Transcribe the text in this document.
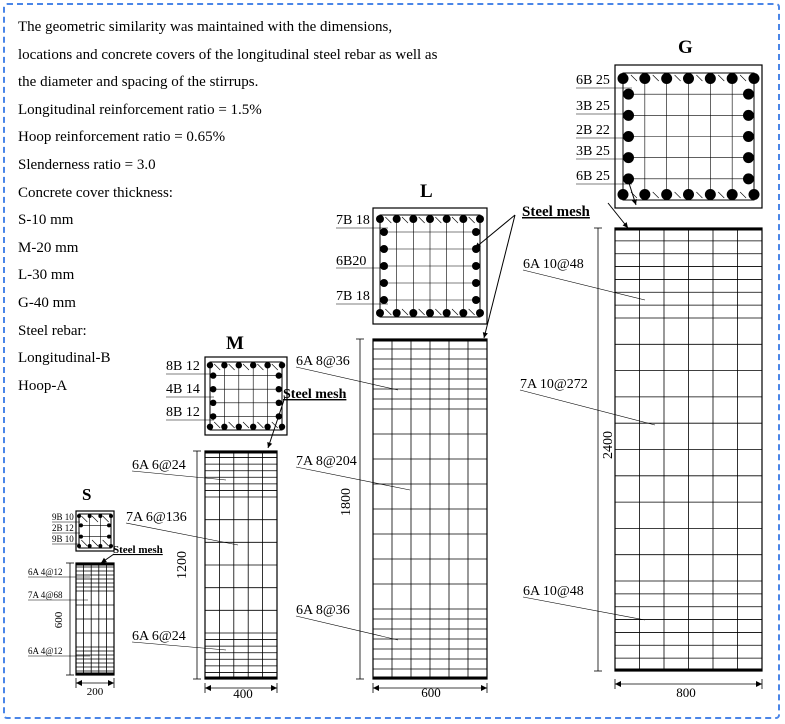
The geometric similarity was maintained with the dimensions,
locations and concrete covers of the longitudinal steel rebar as well as
the diameter and spacing of the stirrups.
Longitudinal reinforcement ratio = 1.5%
Hoop reinforcement ratio = 0.65%
Slenderness ratio = 3.0
Concrete cover thickness:
S-10 mm
M-20 mm
L-30 mm
G-40 mm
Steel rebar:
Longitudinal-B
Hoop-A
S
9B 10
2B 12
9B 10
Steel mesh
6A 4@12
7A 4@68
6A 4@12
600
200
M
8B 12
4B 14
8B 12
Steel mesh
6A 6@24
7A 6@136
6A 6@24
1200
400
L
7B 18
6B20
7B 18
Steel mesh
6A 8@36
7A 8@204
6A 8@36
1800
600
G
6B 25
3B 25
2B 22
3B 25
6B 25
6A 10@48
7A 10@272
6A 10@48
2400
800
